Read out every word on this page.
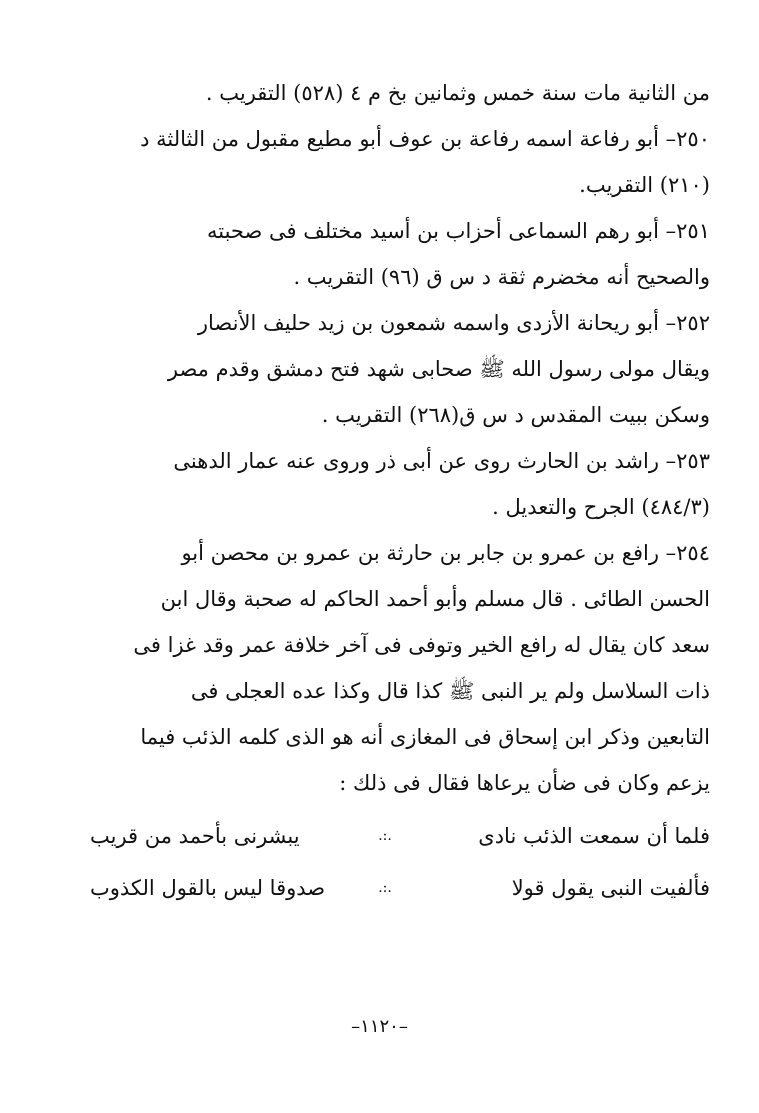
من الثانية مات سنة خمس وثمانين بخ م ٤ (٥٢٨) التقريب .
٢٥٠– أبو رفاعة اسمه رفاعة بن عوف أبو مطيع مقبول من الثالثة د
(٢١٠) التقريب.
٢٥١– أبو رهم السماعى أحزاب بن أسيد مختلف فى صحبته
والصحيح أنه مخضرم ثقة د س ق (٩٦) التقريب .
٢٥٢– أبو ريحانة الأزدى واسمه شمعون بن زيد حليف الأنصار
ويقال مولى رسول الله ﷺ صحابى شهد فتح دمشق وقدم مصر
وسكن ببيت المقدس د س ق(٢٦٨) التقريب .
٢٥٣– راشد بن الحارث روى عن أبى ذر وروى عنه عمار الدهنى
(٤٨٤/٣) الجرح والتعديل .
٢٥٤– رافع بن عمرو بن جابر بن حارثة بن عمرو بن محصن أبو
الحسن الطائى . قال مسلم وأبو أحمد الحاكم له صحبة وقال ابن
سعد كان يقال له رافع الخير وتوفى فى آخر خلافة عمر وقد غزا فى
ذات السلاسل ولم ير النبى ﷺ كذا قال وكذا عده العجلى فى
التابعين وذكر ابن إسحاق فى المغازى أنه هو الذى كلمه الذئب فيما
يزعم وكان فى ضأن يرعاها فقال فى ذلك :
فلما أن سمعت الذئب نادى
.:.
يبشرنى بأحمد من قريب
فألفيت النبى يقول قولا
.:.
صدوقا ليس بالقول الكذوب
–١١٢٠–
